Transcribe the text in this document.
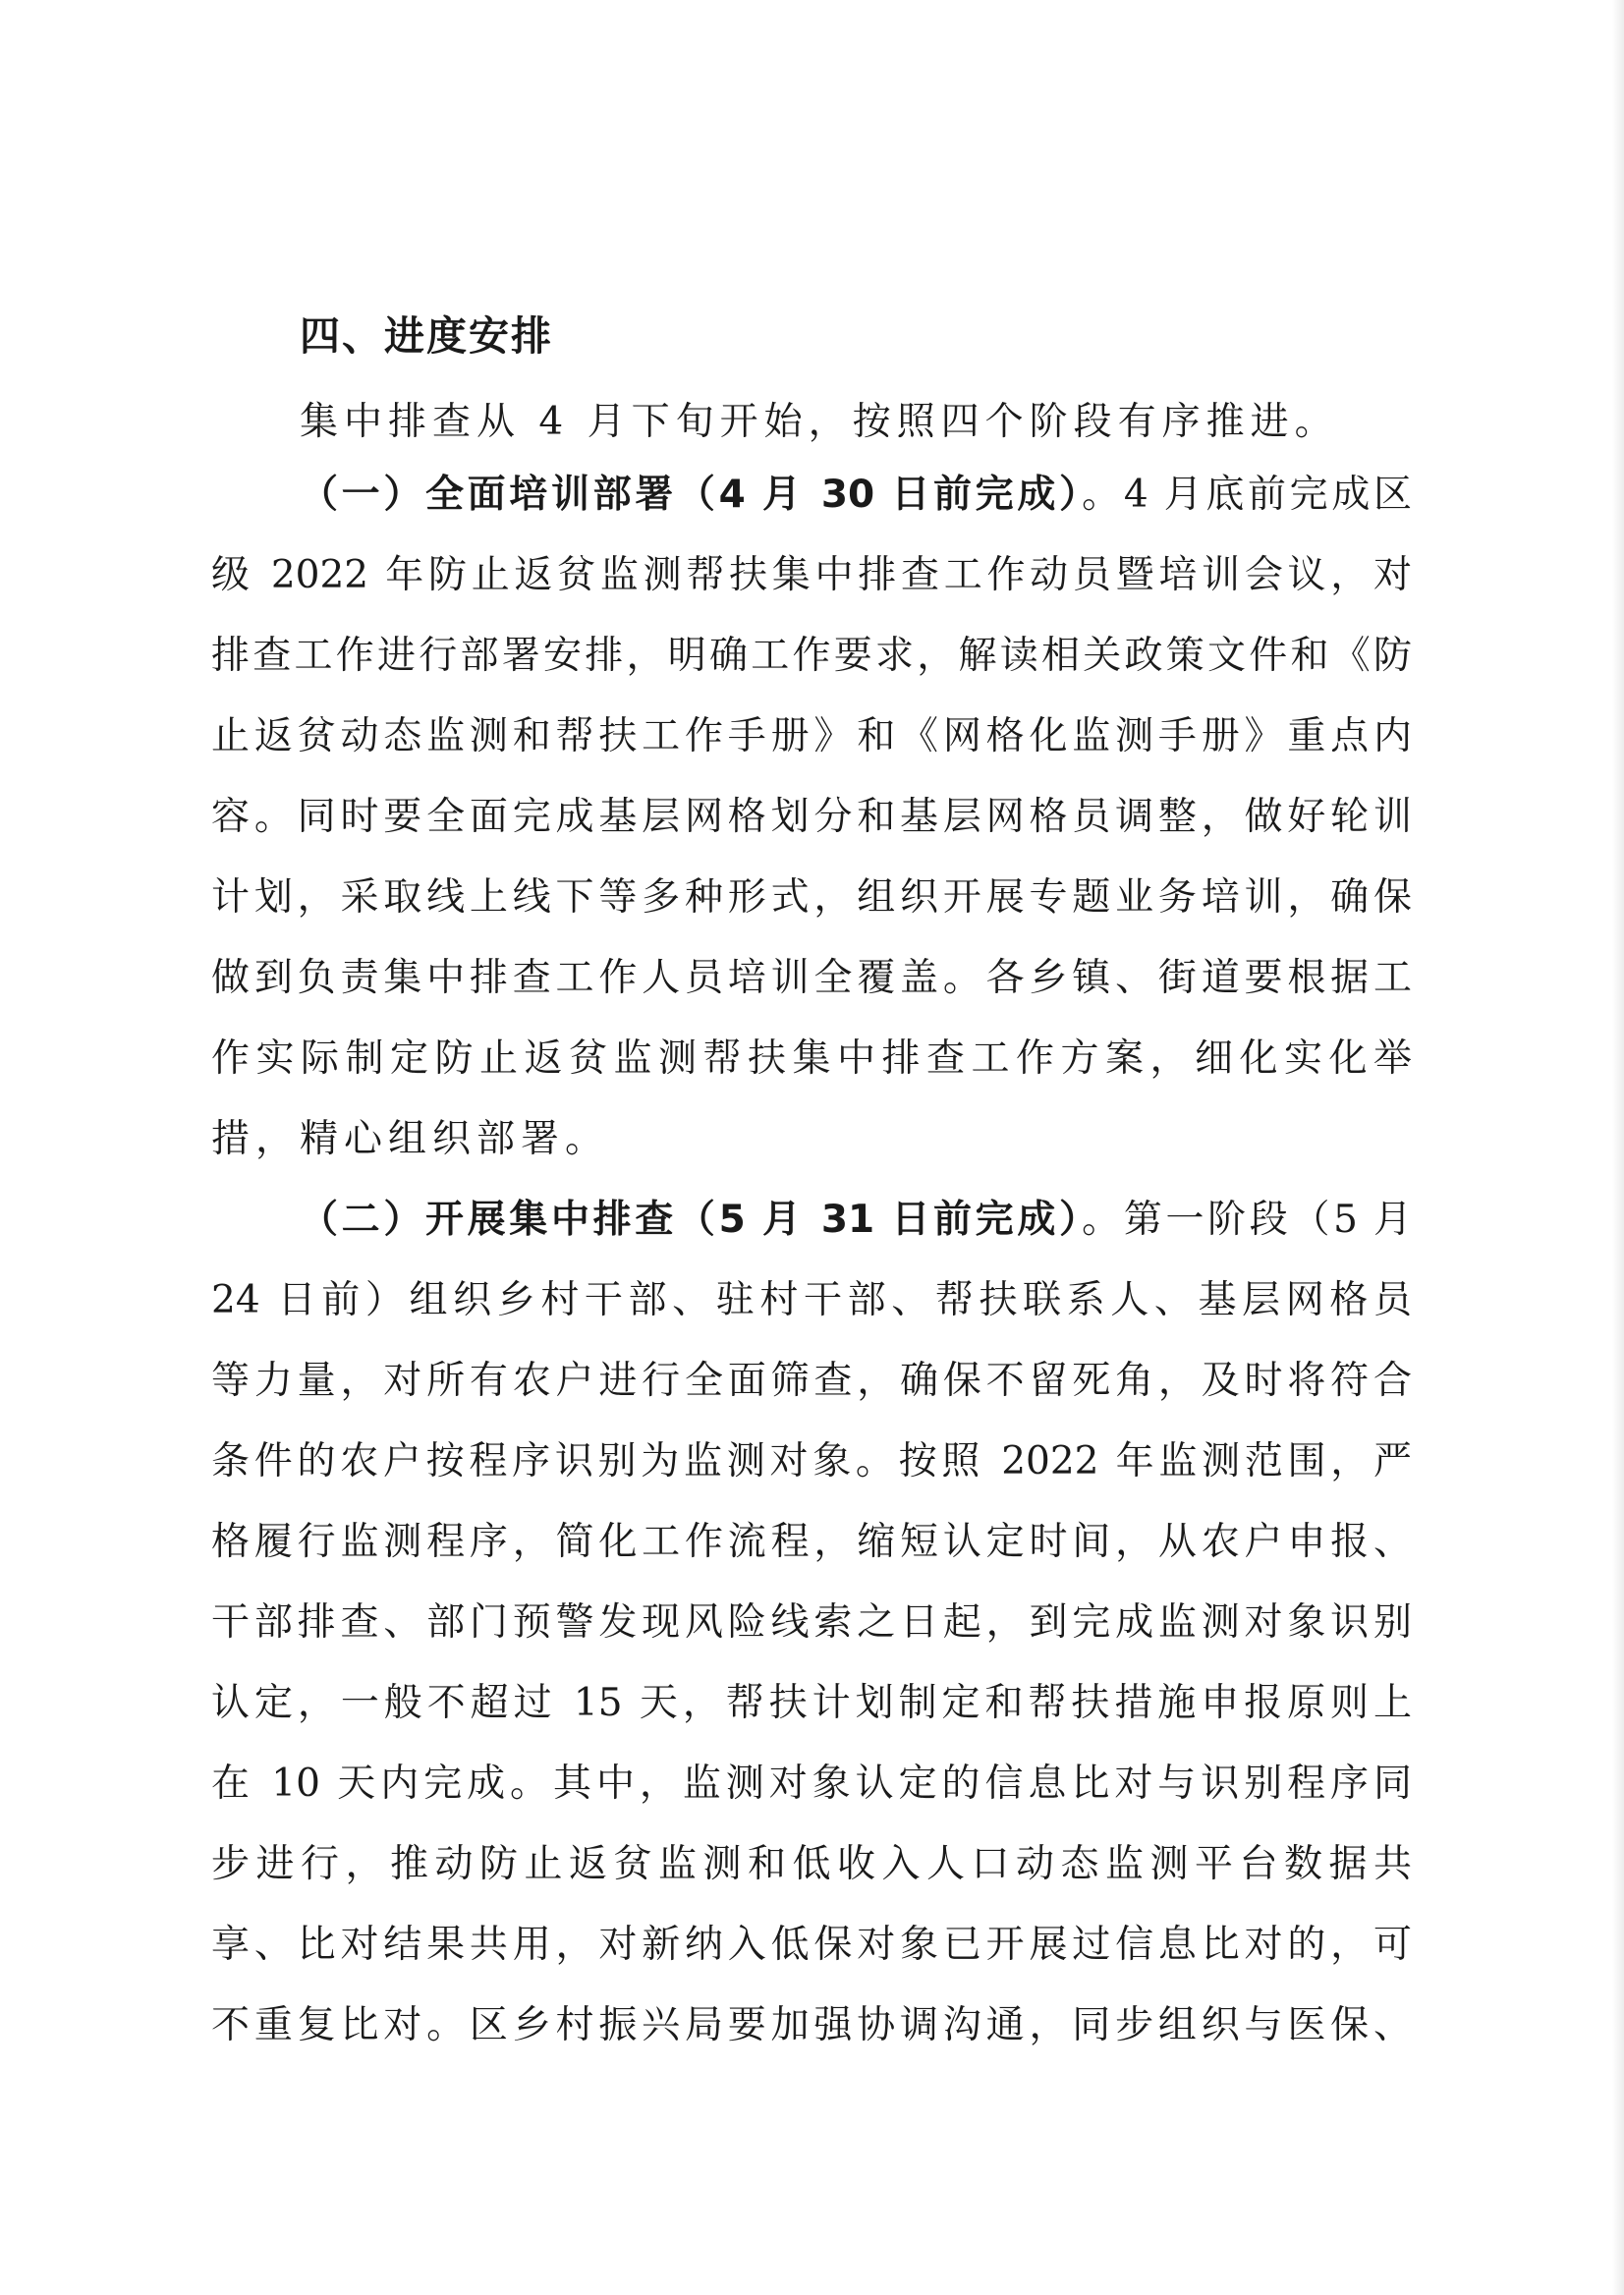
四、进度安排

集中排查从 4 月下旬开始，按照四个阶段有序推进。

（一）全面培训部署（4 月 30 日前完成）。4 月底前完成区

级 2022 年防止返贫监测帮扶集中排查工作动员暨培训会议，对

排查工作进行部署安排，明确工作要求，解读相关政策文件和《防

止返贫动态监测和帮扶工作手册》和《网格化监测手册》重点内

容。同时要全面完成基层网格划分和基层网格员调整，做好轮训

计划，采取线上线下等多种形式，组织开展专题业务培训，确保

做到负责集中排查工作人员培训全覆盖。各乡镇、街道要根据工

作实际制定防止返贫监测帮扶集中排查工作方案，细化实化举

措，精心组织部署。

（二）开展集中排查（5 月 31 日前完成）。第一阶段（5 月

24 日前）组织乡村干部、驻村干部、帮扶联系人、基层网格员

等力量，对所有农户进行全面筛查，确保不留死角，及时将符合

条件的农户按程序识别为监测对象。按照 2022 年监测范围，严

格履行监测程序，简化工作流程，缩短认定时间，从农户申报、

干部排查、部门预警发现风险线索之日起，到完成监测对象识别

认定，一般不超过 15 天，帮扶计划制定和帮扶措施申报原则上

在 10 天内完成。其中，监测对象认定的信息比对与识别程序同

步进行，推动防止返贫监测和低收入人口动态监测平台数据共

享、比对结果共用，对新纳入低保对象已开展过信息比对的，可

不重复比对。区乡村振兴局要加强协调沟通，同步组织与医保、
